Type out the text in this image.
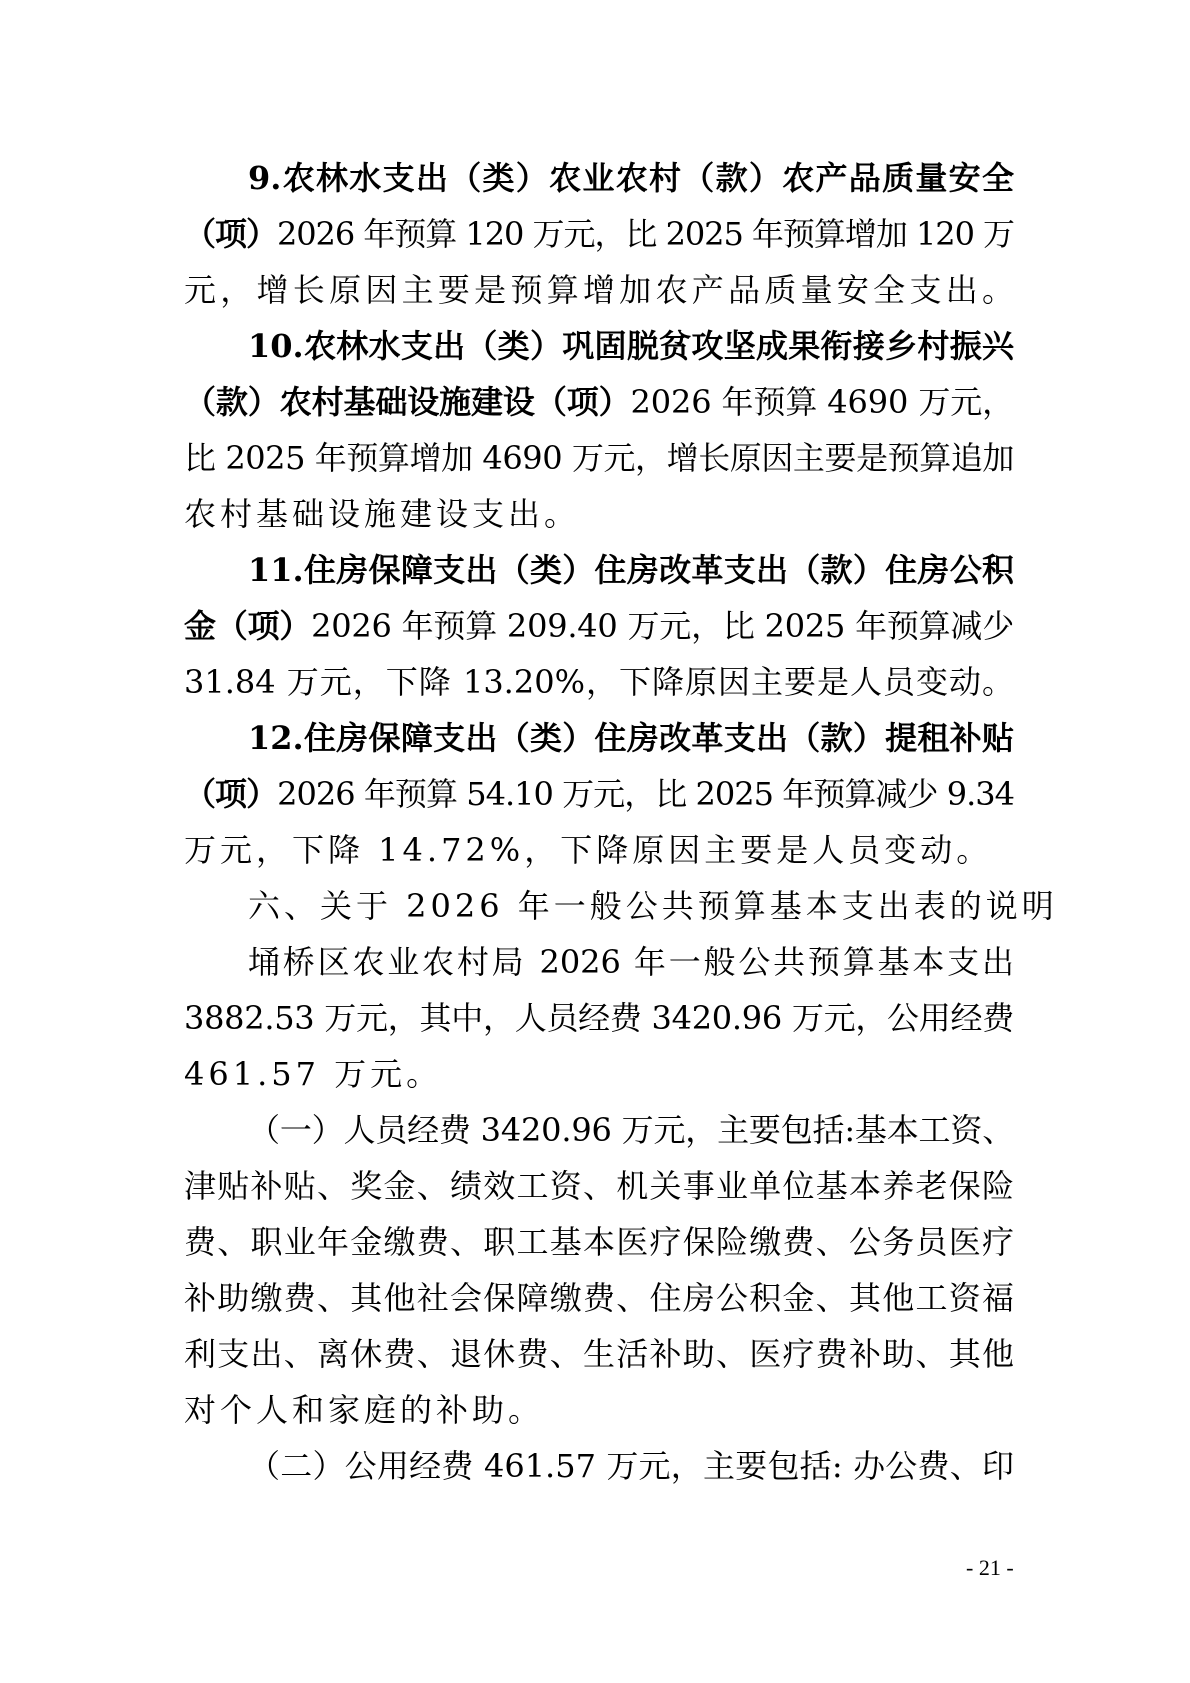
9.农林水支出（类）农业农村（款）农产品质量安全
（项）2026 年预算 120 万元，比 2025 年预算增加 120 万
元，增长原因主要是预算增加农产品质量安全支出。
10.农林水支出（类）巩固脱贫攻坚成果衔接乡村振兴
（款）农村基础设施建设（项）2026 年预算 4690 万元，
比 2025 年预算增加 4690 万元，增长原因主要是预算追加
农村基础设施建设支出。
11.住房保障支出（类）住房改革支出（款）住房公积
金（项）2026 年预算 209.40 万元，比 2025 年预算减少
31.84 万元，下降 13.20%，下降原因主要是人员变动。
12.住房保障支出（类）住房改革支出（款）提租补贴
（项）2026 年预算 54.10 万元，比 2025 年预算减少 9.34
万元，下降 14.72%，下降原因主要是人员变动。
六、关于 2026 年一般公共预算基本支出表的说明
埇桥区农业农村局 2026 年一般公共预算基本支出
3882.53 万元，其中，人员经费 3420.96 万元，公用经费
461.57 万元。
（一）人员经费 3420.96 万元，主要包括:基本工资、
津贴补贴、奖金、绩效工资、机关事业单位基本养老保险
费、职业年金缴费、职工基本医疗保险缴费、公务员医疗
补助缴费、其他社会保障缴费、住房公积金、其他工资福
利支出、离休费、退休费、生活补助、医疗费补助、其他
对个人和家庭的补助。
（二）公用经费 461.57 万元，主要包括: 办公费、印
- 21 -
